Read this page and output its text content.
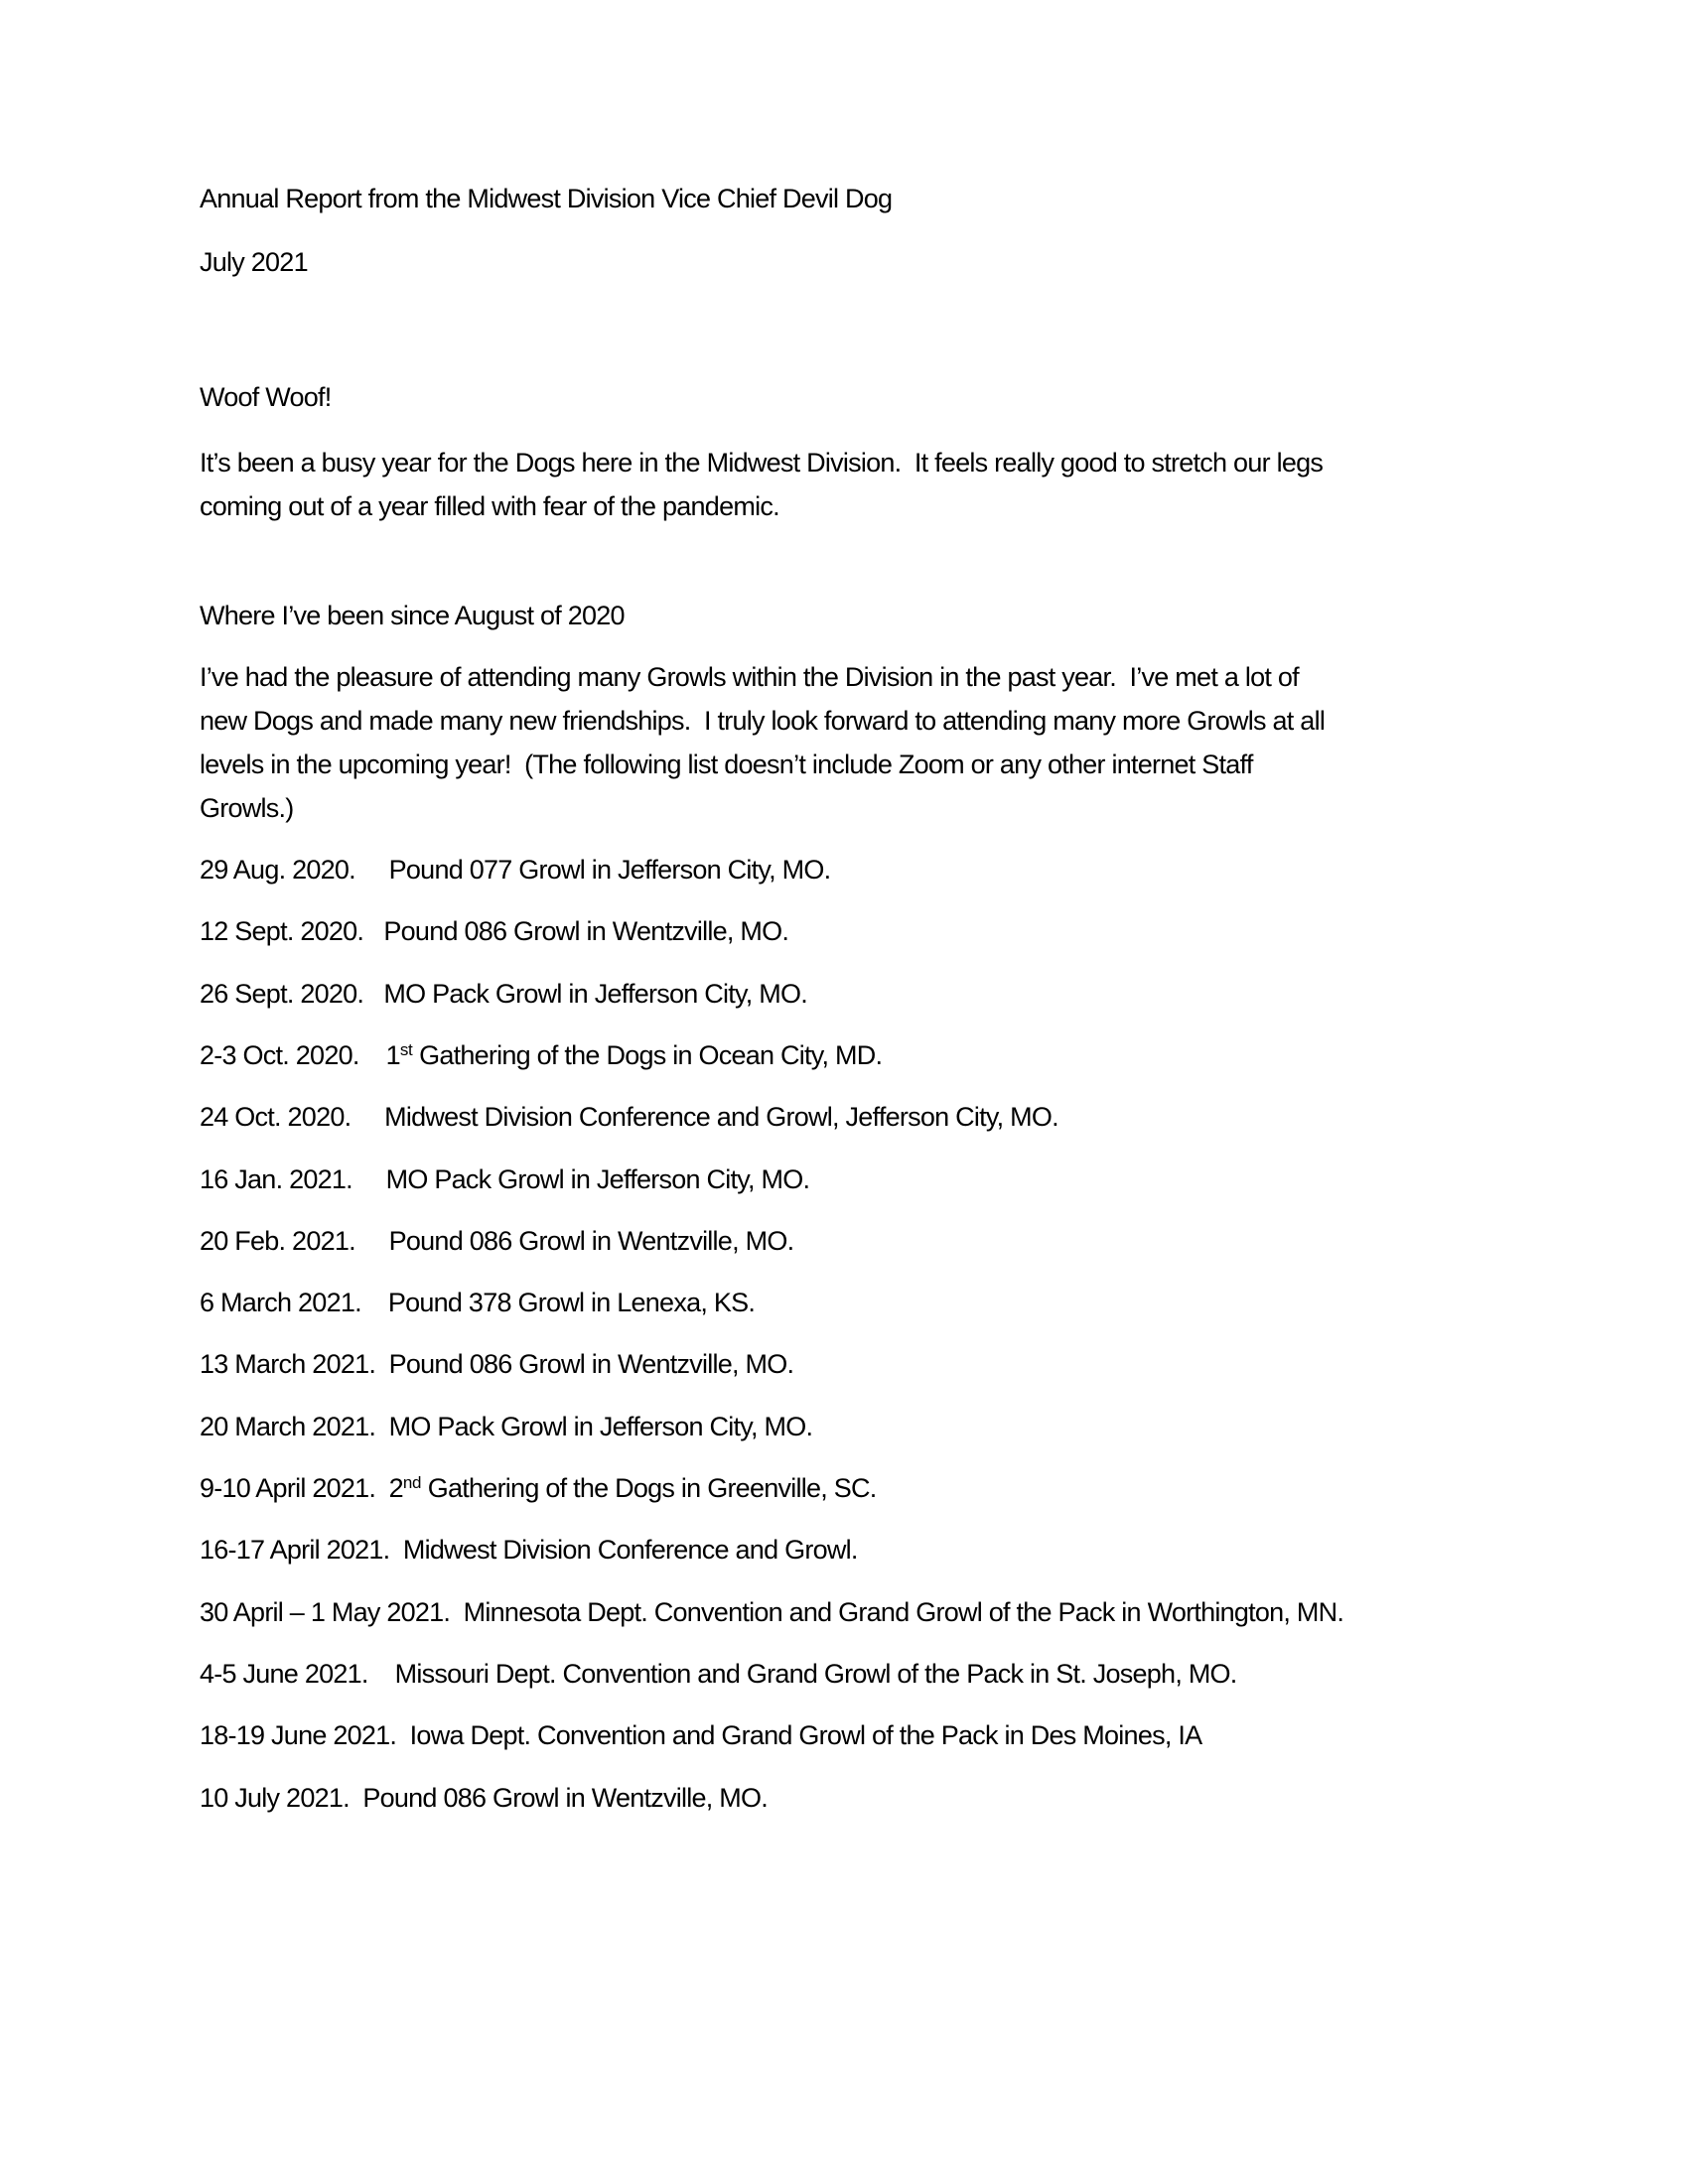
Annual Report from the Midwest Division Vice Chief Devil Dog
July 2021
Woof Woof!
It’s been a busy year for the Dogs here in the Midwest Division.  It feels really good to stretch our legs
coming out of a year filled with fear of the pandemic.
Where I’ve been since August of 2020
I’ve had the pleasure of attending many Growls within the Division in the past year.  I’ve met a lot of
new Dogs and made many new friendships.  I truly look forward to attending many more Growls at all
levels in the upcoming year!  (The following list doesn’t include Zoom or any other internet Staff
Growls.)
29 Aug. 2020.     Pound 077 Growl in Jefferson City, MO.
12 Sept. 2020.   Pound 086 Growl in Wentzville, MO.
26 Sept. 2020.   MO Pack Growl in Jefferson City, MO.
2-3 Oct. 2020.    1st Gathering of the Dogs in Ocean City, MD.
24 Oct. 2020.     Midwest Division Conference and Growl, Jefferson City, MO.
16 Jan. 2021.     MO Pack Growl in Jefferson City, MO.
20 Feb. 2021.     Pound 086 Growl in Wentzville, MO.
6 March 2021.    Pound 378 Growl in Lenexa, KS.
13 March 2021.  Pound 086 Growl in Wentzville, MO.
20 March 2021.  MO Pack Growl in Jefferson City, MO.
9-10 April 2021.  2nd Gathering of the Dogs in Greenville, SC.
16-17 April 2021.  Midwest Division Conference and Growl.
30 April – 1 May 2021.  Minnesota Dept. Convention and Grand Growl of the Pack in Worthington, MN.
4-5 June 2021.    Missouri Dept. Convention and Grand Growl of the Pack in St. Joseph, MO.
18-19 June 2021.  Iowa Dept. Convention and Grand Growl of the Pack in Des Moines, IA
10 July 2021.  Pound 086 Growl in Wentzville, MO.
